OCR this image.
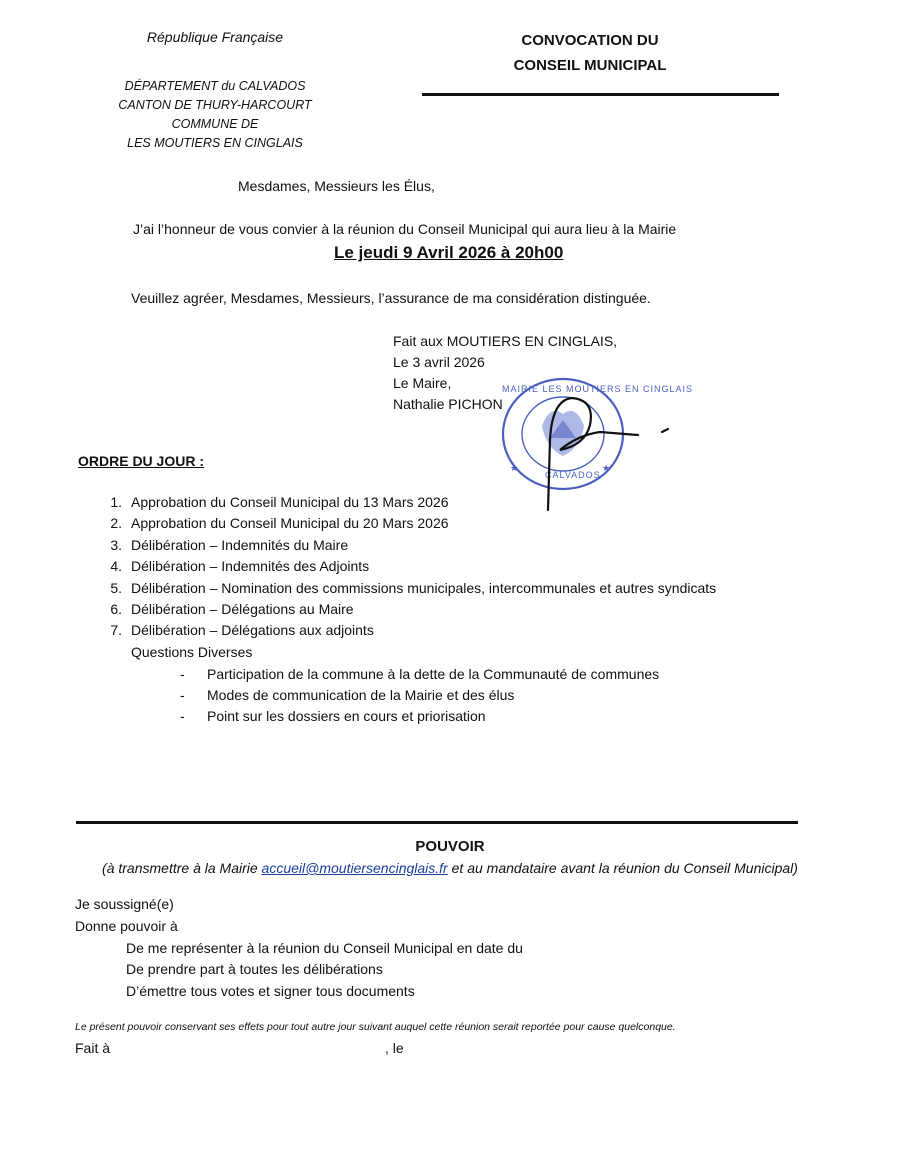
République Française
DÉPARTEMENT du CALVADOS
CANTON DE THURY-HARCOURT
COMMUNE DE
LES MOUTIERS EN CINGLAIS
CONVOCATION DU
CONSEIL MUNICIPAL
Mesdames, Messieurs les Élus,
J’ai l’honneur de vous convier à la réunion du Conseil Municipal qui aura lieu à la Mairie
Le jeudi 9 Avril 2026 à 20h00
Veuillez agréer, Mesdames, Messieurs, l’assurance de ma considération distinguée.
Fait aux MOUTIERS EN CINGLAIS,
Le 3 avril 2026
Le Maire,
Nathalie PICHON
★	★
MAIRIE LES MOUTIERS EN CINGLAIS
CALVADOS
ORDRE DU JOUR :
1. Approbation du Conseil Municipal du 13 Mars 2026
2. Approbation du Conseil Municipal du 20 Mars 2026
3. Délibération – Indemnités du Maire
4. Délibération – Indemnités des Adjoints
5. Délibération – Nomination des commissions municipales, intercommunales et autres syndicats
6. Délibération – Délégations au Maire
7. Délibération – Délégations aux adjoints
Questions Diverses
- Participation de la commune à la dette de la Communauté de communes
- Modes de communication de la Mairie et des élus
- Point sur les dossiers en cours et priorisation
POUVOIR
(à transmettre à la Mairie accueil@moutiersencinglais.fr et au mandataire avant la réunion du Conseil Municipal)
Je soussigné(e)
Donne pouvoir à
De me représenter à la réunion du Conseil Municipal en date du
De prendre part à toutes les délibérations
D’émettre tous votes et signer tous documents
Le présent pouvoir conservant ses effets pour tout autre jour suivant auquel cette réunion serait reportée pour cause quelconque.
Fait à	, le
